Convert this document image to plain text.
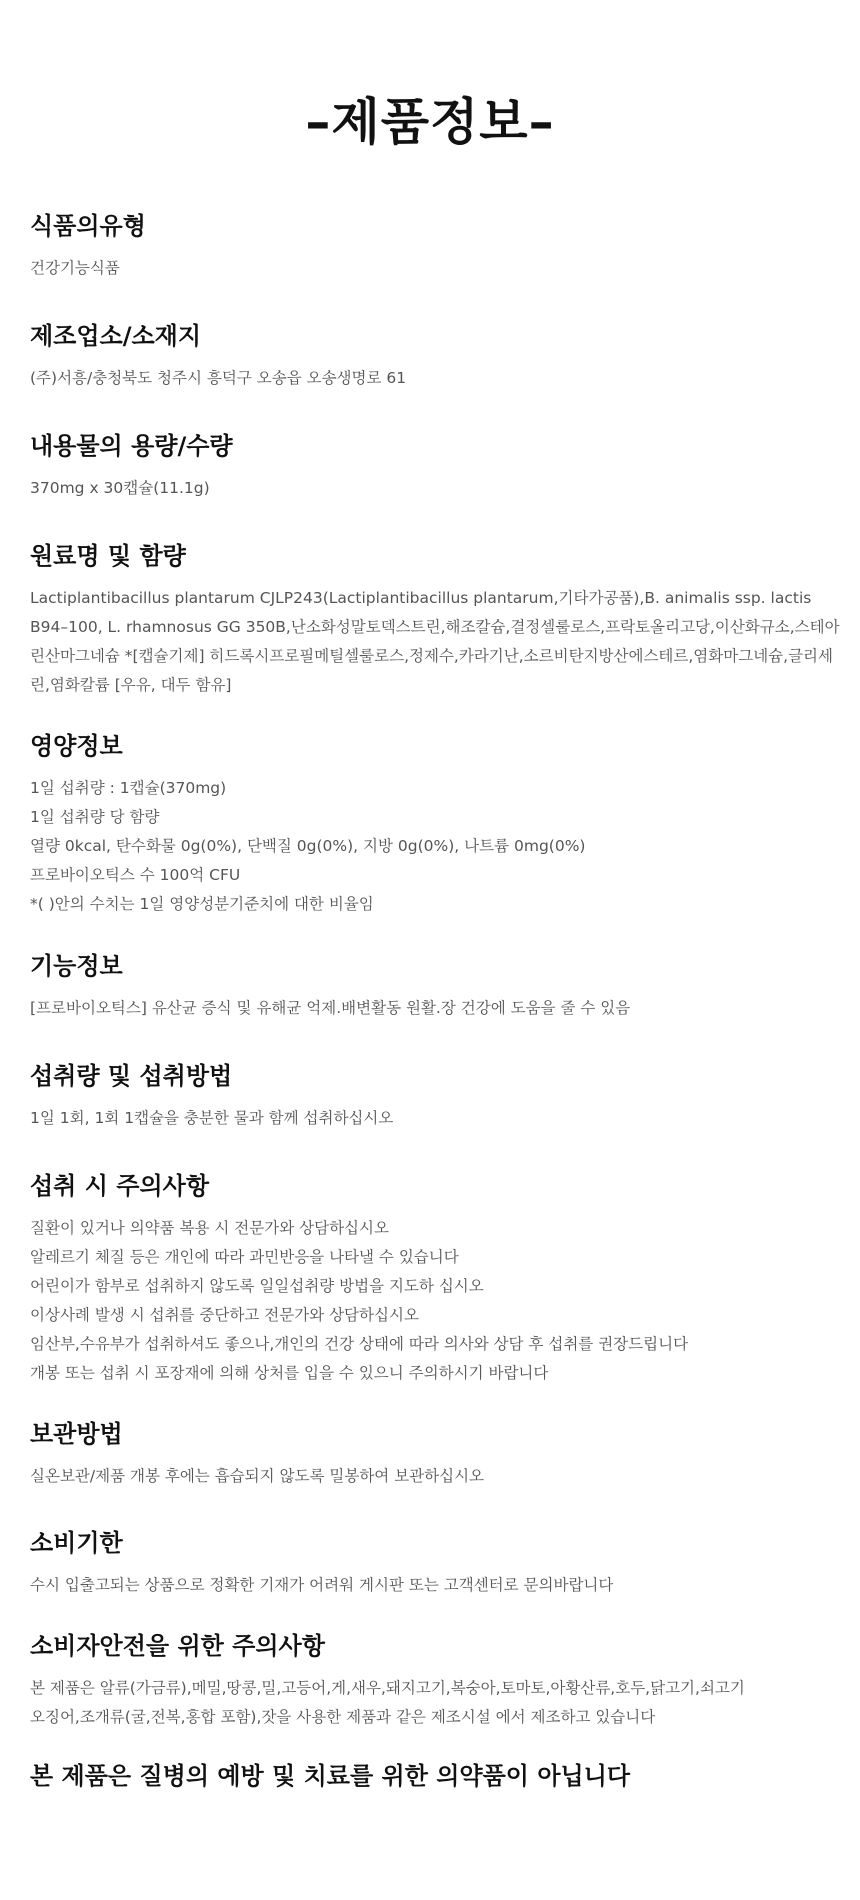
–제품정보–
식품의유형

건강기능식품

제조업소/소재지

(주)서흥/충청북도 청주시 흥덕구 오송읍 오송생명로 61

내용물의 용량/수량

370mg x 30캡슐(11.1g)

원료명 및 함량

Lactiplantibacillus plantarum CJLP243(Lactiplantibacillus plantarum,기타가공품),B. animalis ssp. lactis B94–100, L. rhamnosus GG 350B,난소화성말토덱스트린,해조칼슘,결정셀룰로스,프락토올리고당,이산화규소,스테아린산마그네슘 *[캡슐기제] 히드록시프로필메틸셀룰로스,정제수,카라기난,소르비탄지방산에스테르,염화마그네슘,글리세린,염화칼륨 [우유, 대두 함유]

영양정보

1일 섭취량 : 1캡슐(370mg)
1일 섭취량 당 함량
열량 0kcal, 탄수화물 0g(0%), 단백질 0g(0%), 지방 0g(0%), 나트륨 0mg(0%)
프로바이오틱스 수 100억 CFU
*( )안의 수치는 1일 영양성분기준치에 대한 비율임

기능정보

[프로바이오틱스] 유산균 증식 및 유해균 억제.배변활동 원활.장 건강에 도움을 줄 수 있음

섭취량 및 섭취방법

1일 1회, 1회 1캡슐을 충분한 물과 함께 섭취하십시오

섭취 시 주의사항

질환이 있거나 의약품 복용 시 전문가와 상담하십시오
알레르기 체질 등은 개인에 따라 과민반응을 나타낼 수 있습니다
어린이가 함부로 섭취하지 않도록 일일섭취량 방법을 지도하 십시오
이상사례 발생 시 섭취를 중단하고 전문가와 상담하십시오
임산부,수유부가 섭취하셔도 좋으나,개인의 건강 상태에 따라 의사와 상담 후 섭취를 권장드립니다
개봉 또는 섭취 시 포장재에 의해 상처를 입을 수 있으니 주의하시기 바랍니다

보관방법

실온보관/제품 개봉 후에는 흡습되지 않도록 밀봉하여 보관하십시오

소비기한

수시 입출고되는 상품으로 정확한 기재가 어려워 게시판 또는 고객센터로 문의바랍니다

소비자안전을 위한 주의사항

본 제품은 알류(가금류),메밀,땅콩,밀,고등어,게,새우,돼지고기,복숭아,토마토,아황산류,호두,닭고기,쇠고기
오징어,조개류(굴,전복,홍합 포함),잣을 사용한 제품과 같은 제조시설 에서 제조하고 있습니다

본 제품은 질병의 예방 및 치료를 위한 의약품이 아닙니다
